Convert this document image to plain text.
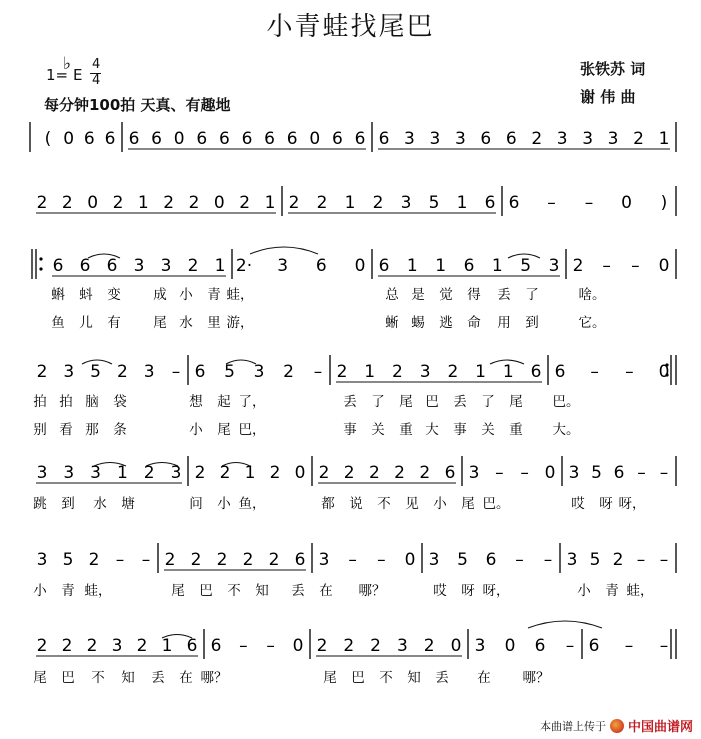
小青蛙找尾巴
1=
♭
E
4
4
每分钟100拍 天真、有趣地
张铁苏 词
谢 伟 曲
( 0 6 6 6 6 0 6 6 6 6 6 0 6 6 6 3 3 3 6 6 2 3 3 3 2 1
2 2 0 2 1 2 2 0 2 1 2 2 1 2 3 5 1 6 6 – – 0 )
6 6 6 3 3 2 1 2· 3 6 0 6 1 1 6 1 5 3 2 – – 0
蝌 蚪 变 成 小 青 蛙，	总 是 觉 得 丢 了	啥。
鱼 儿 有 尾 水 里 游，	蜥 蜴 逃 命 用 到	它。
2 3 5 2 3 – 6 5 3 2 – 2 1 2 3 2 1 1 6 6 – – 0
拍 拍 脑 袋	想 起 了，	丢 了 尾 巴 丢 了 尾 巴。
别 看 那 条	小 尾 巴，	事 关 重 大 事 关 重 大。
3 3 3 1 2 3 2 2 1 2 0 2 2 2 2 2 6 3 – – 0 3 5 6 – –
跳 到 水 塘	问 小 鱼，	都 说 不 见 小 尾 巴。	哎 呀 呀，
3 5 2 – – 2 2 2 2 2 6 3 – – 0 3 5 6 – – 3 5 2 – –
小 青 蛙，	尾 巴 不 知 丢 在 哪？	哎 呀 呀，	小 青 蛙，
2 2 2 3 2 1 6 6 – – 0 2 2 2 3 2 0 3 0 6 – 6 – –
尾 巴 不 知 丢 在 哪？	尾 巴 不 知 丢 在 哪？
本曲谱上传于 中国曲谱网
